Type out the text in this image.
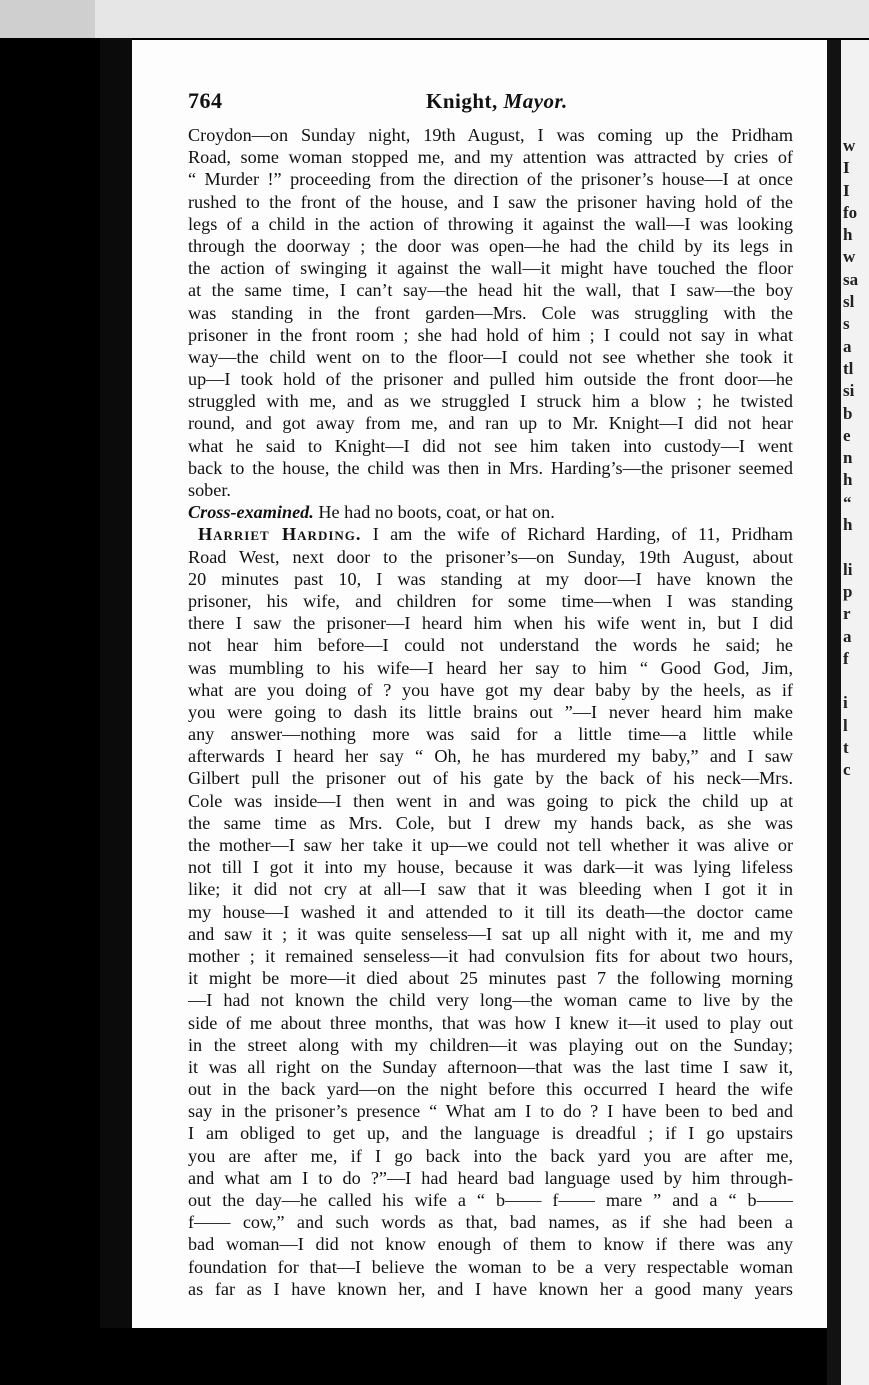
764	Knight, Mayor.
Croydon—on Sunday night, 19th August, I was coming up the Pridham
Road, some woman stopped me, and my attention was attracted by cries of
“ Murder !” proceeding from the direction of the prisoner’s house—I at once
rushed to the front of the house, and I saw the prisoner having hold of the
legs of a child in the action of throwing it against the wall—I was looking
through the doorway ; the door was open—he had the child by its legs in
the action of swinging it against the wall—it might have touched the floor
at the same time, I can’t say—the head hit the wall, that I saw—the boy
was standing in the front garden—Mrs. Cole was struggling with the
prisoner in the front room ; she had hold of him ; I could not say in what
way—the child went on to the floor—I could not see whether she took it
up—I took hold of the prisoner and pulled him outside the front door—he
struggled with me, and as we struggled I struck him a blow ; he twisted
round, and got away from me, and ran up to Mr. Knight—I did not hear
what he said to Knight—I did not see him taken into custody—I went
back to the house, the child was then in Mrs. Harding’s—the prisoner seemed
sober.
Cross-examined. He had no boots, coat, or hat on.
Harriet Harding. I am the wife of Richard Harding, of 11, Pridham
Road West, next door to the prisoner’s—on Sunday, 19th August, about
20 minutes past 10, I was standing at my door—I have known the
prisoner, his wife, and children for some time—when I was standing
there I saw the prisoner—I heard him when his wife went in, but I did
not hear him before—I could not understand the words he said; he
was mumbling to his wife—I heard her say to him “ Good God, Jim,
what are you doing of ? you have got my dear baby by the heels, as if
you were going to dash its little brains out ”—I never heard him make
any answer—nothing more was said for a little time—a little while
afterwards I heard her say “ Oh, he has murdered my baby,” and I saw
Gilbert pull the prisoner out of his gate by the back of his neck—Mrs.
Cole was inside—I then went in and was going to pick the child up at
the same time as Mrs. Cole, but I drew my hands back, as she was
the mother—I saw her take it up—we could not tell whether it was alive or
not till I got it into my house, because it was dark—it was lying lifeless
like; it did not cry at all—I saw that it was bleeding when I got it in
my house—I washed it and attended to it till its death—the doctor came
and saw it ; it was quite senseless—I sat up all night with it, me and my
mother ; it remained senseless—it had convulsion fits for about two hours,
it might be more—it died about 25 minutes past 7 the following morning
—I had not known the child very long—the woman came to live by the
side of me about three months, that was how I knew it—it used to play out
in the street along with my children—it was playing out on the Sunday;
it was all right on the Sunday afternoon—that was the last time I saw it,
out in the back yard—on the night before this occurred I heard the wife
say in the prisoner’s presence “ What am I to do ? I have been to bed and
I am obliged to get up, and the language is dreadful ; if I go upstairs
you are after me, if I go back into the back yard you are after me,
and what am I to do ?”—I had heard bad language used by him through-
out the day—he called his wife a “ b—— f—— mare ” and a “ b——
f—— cow,” and such words as that, bad names, as if she had been a
bad woman—I did not know enough of them to know if there was any
foundation for that—I believe the woman to be a very respectable woman
as far as I have known her, and I have known her a good many years
w
I
I
fo
h
w
sa
sl
s
a
tl
si
b
e
n
h
“
h
li
p
r
a
f
i
l
t
c
